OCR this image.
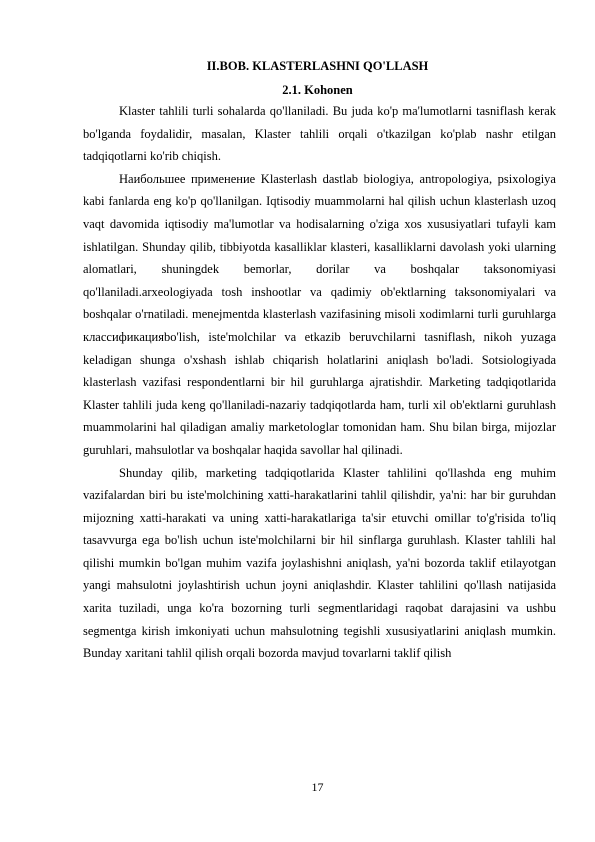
II.BOB. KLASTERLASHNI QO'LLASH
2.1. Kohonen

Klaster tahlili turli sohalarda qo'llaniladi. Bu juda ko'p ma'lumotlarni tasniflash kerak bo'lganda foydalidir, masalan, Klaster tahlili orqali o'tkazilgan ko'plab nashr etilgan tadqiqotlarni ko'rib chiqish.

Наибольшее применение Klasterlash dastlab biologiya, antropologiya, psixologiya kabi fanlarda eng ko'p qo'llanilgan. Iqtisodiy muammolarni hal qilish uchun klasterlash uzoq vaqt davomida iqtisodiy ma'lumotlar va hodisalarning o'ziga xos xususiyatlari tufayli kam ishlatilgan. Shunday qilib, tibbiyotda kasalliklar klasteri, kasalliklarni davolash yoki ularning alomatlari, shuningdek bemorlar, dorilar va boshqalar taksonomiyasi qo'llaniladi.arxeologiyada tosh inshootlar va qadimiy ob'ektlarning taksonomiyalari va boshqalar o'rnatiladi. menejmentda klasterlash vazifasining misoli xodimlarni turli guruhlarga классификацияbo'lish, iste'molchilar va etkazib beruvchilarni tasniflash, nikoh yuzaga keladigan shunga o'xshash ishlab chiqarish holatlarini aniqlash bo'ladi. Sotsiologiyada klasterlash vazifasi respondentlarni bir hil guruhlarga ajratishdir. Marketing tadqiqotlarida Klaster tahlili juda keng qo'llaniladi-nazariy tadqiqotlarda ham, turli xil ob'ektlarni guruhlash muammolarini hal qiladigan amaliy marketologlar tomonidan ham. Shu bilan birga, mijozlar guruhlari, mahsulotlar va boshqalar haqida savollar hal qilinadi.

Shunday qilib, marketing tadqiqotlarida Klaster tahlilini qo'llashda eng muhim vazifalardan biri bu iste'molchining xatti-harakatlarini tahlil qilishdir, ya'ni: har bir guruhdan mijozning xatti-harakati va uning xatti-harakatlariga ta'sir etuvchi omillar to'g'risida to'liq tasavvurga ega bo'lish uchun iste'molchilarni bir hil sinflarga guruhlash. Klaster tahlili hal qilishi mumkin bo'lgan muhim vazifa joylashishni aniqlash, ya'ni bozorda taklif etilayotgan yangi mahsulotni joylashtirish uchun joyni aniqlashdir. Klaster tahlilini qo'llash natijasida xarita tuziladi, unga ko'ra bozorning turli segmentlaridagi raqobat darajasini va ushbu segmentga kirish imkoniyati uchun mahsulotning tegishli xususiyatlarini aniqlash mumkin. Bunday xaritani tahlil qilish orqali bozorda mavjud tovarlarni taklif qilish

17
